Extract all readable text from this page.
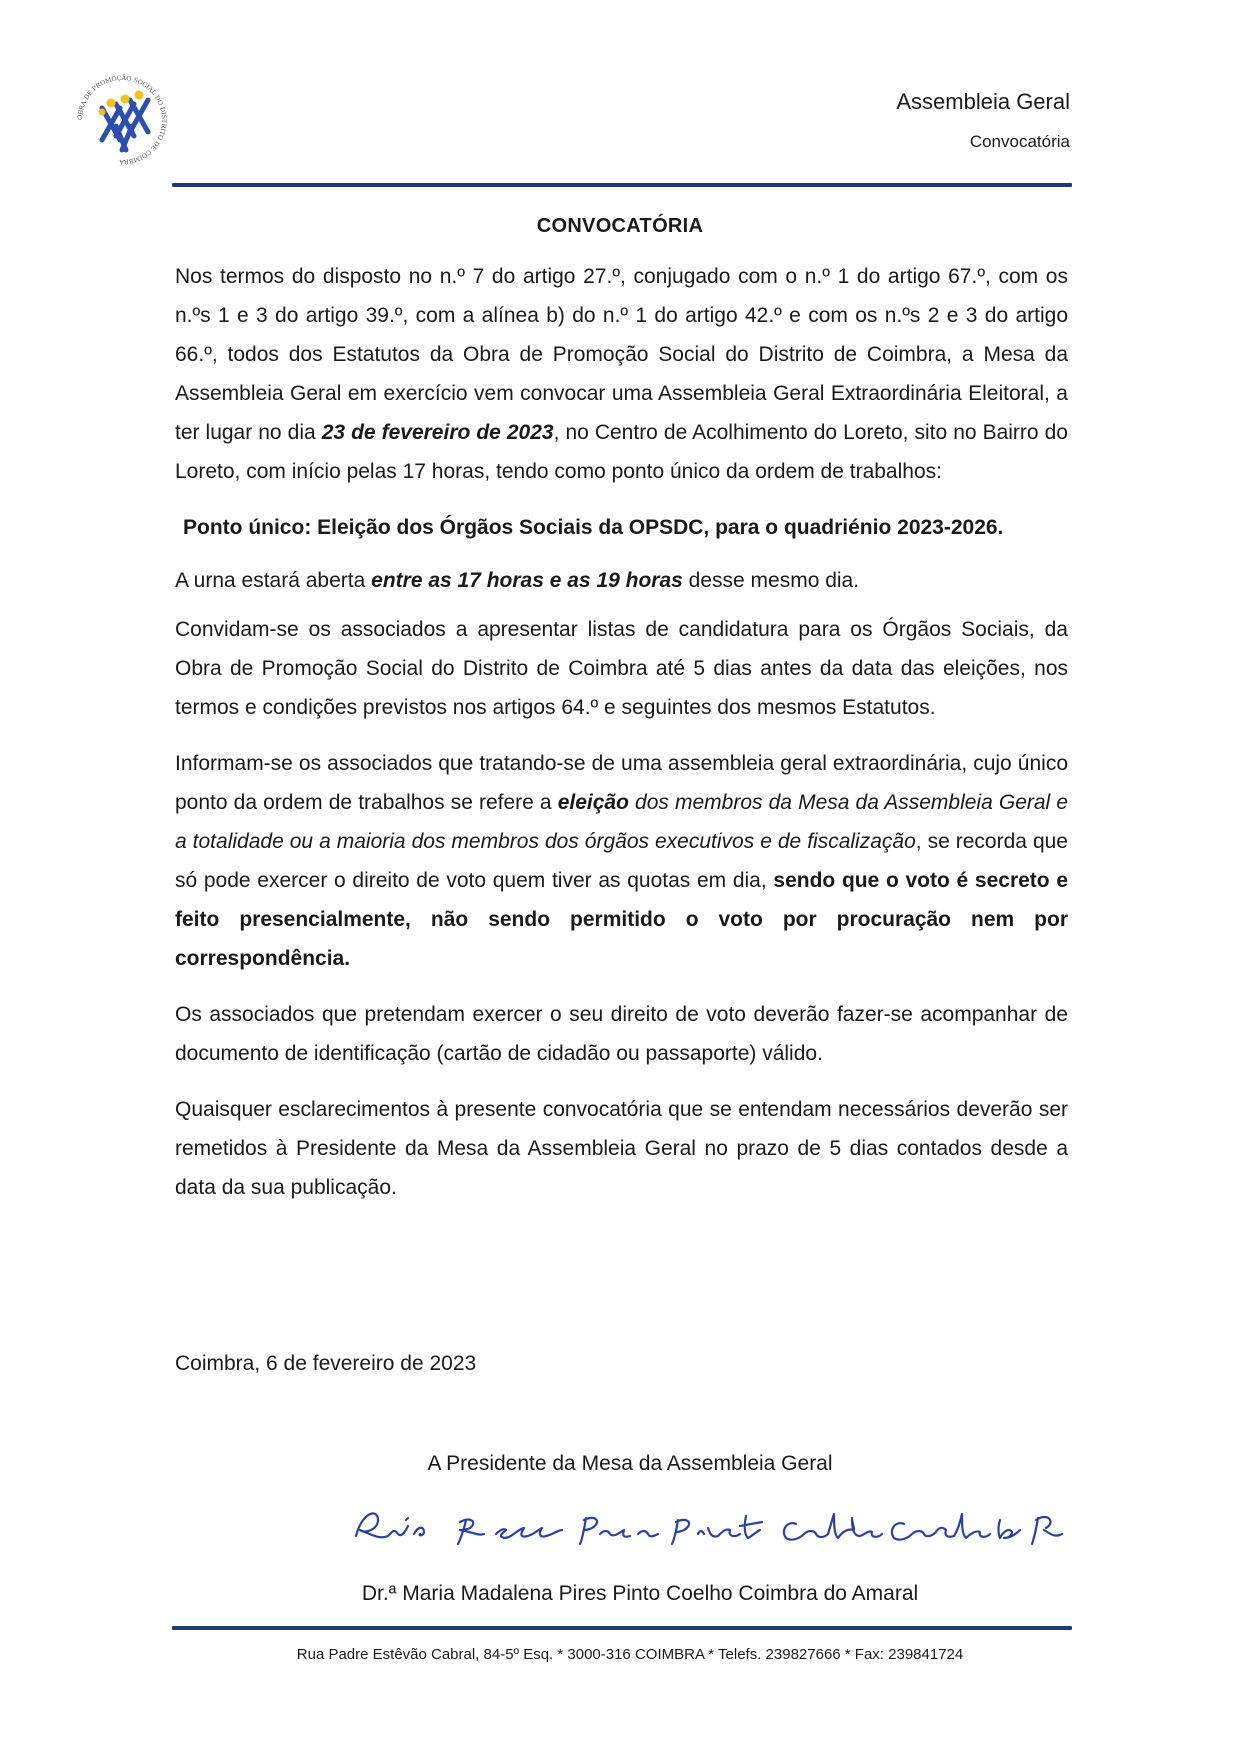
OBRA DE PROMOÇÃO SOCIAL DO DISTRITO DE COIMBRA
Assembleia Geral
Convocatória
CONVOCATÓRIA

Nos termos do disposto no n.º 7 do artigo 27.º, conjugado com o n.º 1 do artigo 67.º, com os n.ºs 1 e 3 do artigo 39.º, com a alínea b) do n.º 1 do artigo 42.º e com os n.ºs 2 e 3 do artigo 66.º, todos dos Estatutos da Obra de Promoção Social do Distrito de Coimbra, a Mesa da Assembleia Geral em exercício vem convocar uma Assembleia Geral Extraordinária Eleitoral, a ter lugar no dia 23 de fevereiro de 2023, no Centro de Acolhimento do Loreto, sito no Bairro do Loreto, com início pelas 17 horas, tendo como ponto único da ordem de trabalhos:

Ponto único: Eleição dos Órgãos Sociais da OPSDC, para o quadriénio 2023-2026.

A urna estará aberta entre as 17 horas e as 19 horas desse mesmo dia.

Convidam-se os associados a apresentar listas de candidatura para os Órgãos Sociais, da Obra de Promoção Social do Distrito de Coimbra até 5 dias antes da data das eleições, nos termos e condições previstos nos artigos 64.º e seguintes dos mesmos Estatutos.

Informam-se os associados que tratando-se de uma assembleia geral extraordinária, cujo único ponto da ordem de trabalhos se refere a eleição dos membros da Mesa da Assembleia Geral e a totalidade ou a maioria dos membros dos órgãos executivos e de fiscalização, se recorda que só pode exercer o direito de voto quem tiver as quotas em dia, sendo que o voto é secreto e feito presencialmente, não sendo permitido o voto por procuração nem por correspondência.

Os associados que pretendam exercer o seu direito de voto deverão fazer-se acompanhar de documento de identificação (cartão de cidadão ou passaporte) válido.

Quaisquer esclarecimentos à presente convocatória que se entendam necessários deverão ser remetidos à Presidente da Mesa da Assembleia Geral no prazo de 5 dias contados desde a data da sua publicação.

Coimbra, 6 de fevereiro de 2023
A Presidente da Mesa da Assembleia Geral
Dr.ª Maria Madalena Pires Pinto Coelho Coimbra do Amaral
Rua Padre Estêvão Cabral, 84-5º Esq. * 3000-316 COIMBRA * Telefs. 239827666 * Fax: 239841724
